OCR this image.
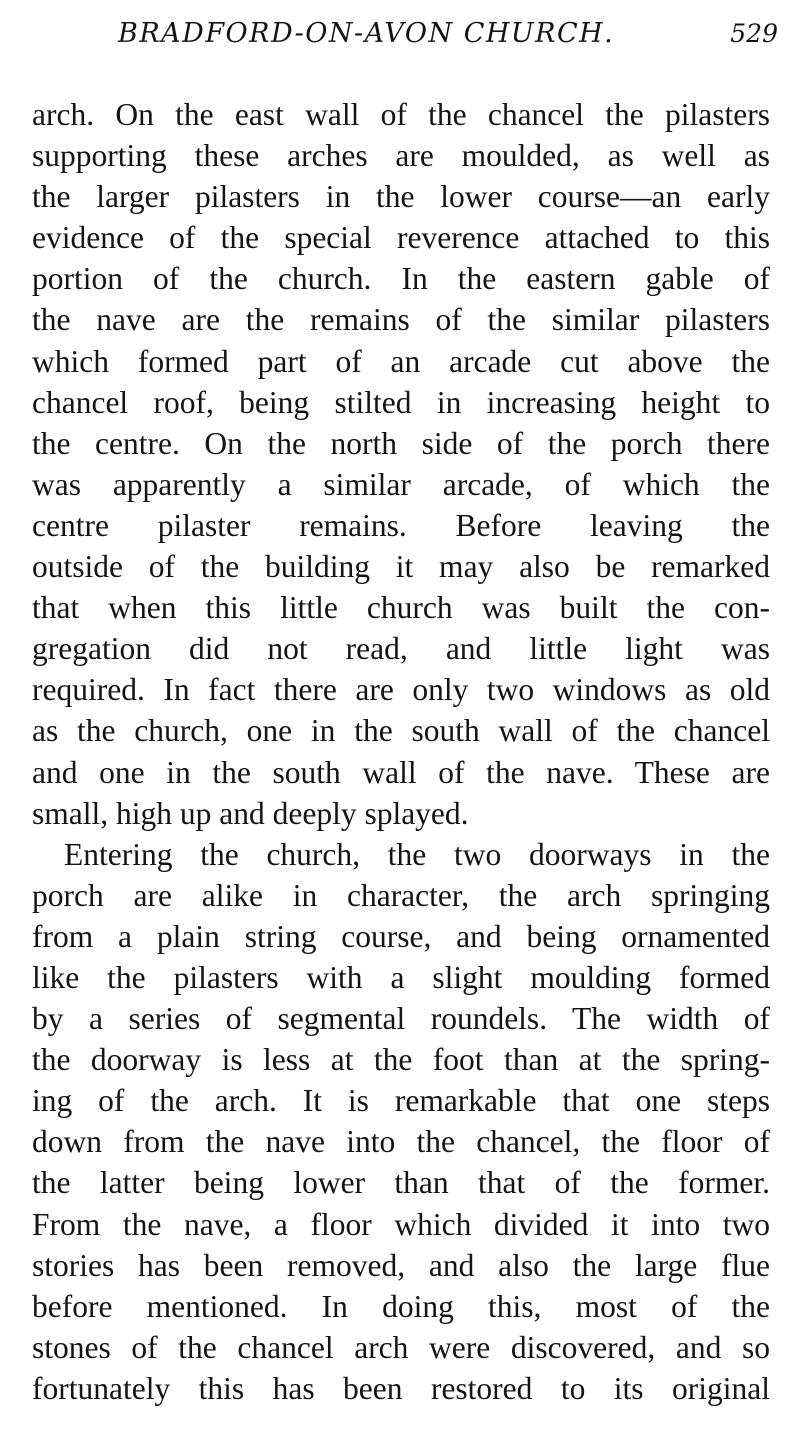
BRADFORD-ON-AVON CHURCH.	529
arch. On the east wall of the chancel the pilasters
supporting these arches are moulded, as well as
the larger pilasters in the lower course—an early
evidence of the special reverence attached to this
portion of the church. In the eastern gable of
the nave are the remains of the similar pilasters
which formed part of an arcade cut above the
chancel roof, being stilted in increasing height to
the centre. On the north side of the porch there
was apparently a similar arcade, of which the
centre pilaster remains. Before leaving the
outside of the building it may also be remarked
that when this little church was built the con-
gregation did not read, and little light was
required. In fact there are only two windows as old
as the church, one in the south wall of the chancel
and one in the south wall of the nave. These are
small, high up and deeply splayed.
Entering the church, the two doorways in the
porch are alike in character, the arch springing
from a plain string course, and being ornamented
like the pilasters with a slight moulding formed
by a series of segmental roundels. The width of
the doorway is less at the foot than at the spring-
ing of the arch. It is remarkable that one steps
down from the nave into the chancel, the floor of
the latter being lower than that of the former.
From the nave, a floor which divided it into two
stories has been removed, and also the large flue
before mentioned. In doing this, most of the
stones of the chancel arch were discovered, and so
fortunately this has been restored to its original
